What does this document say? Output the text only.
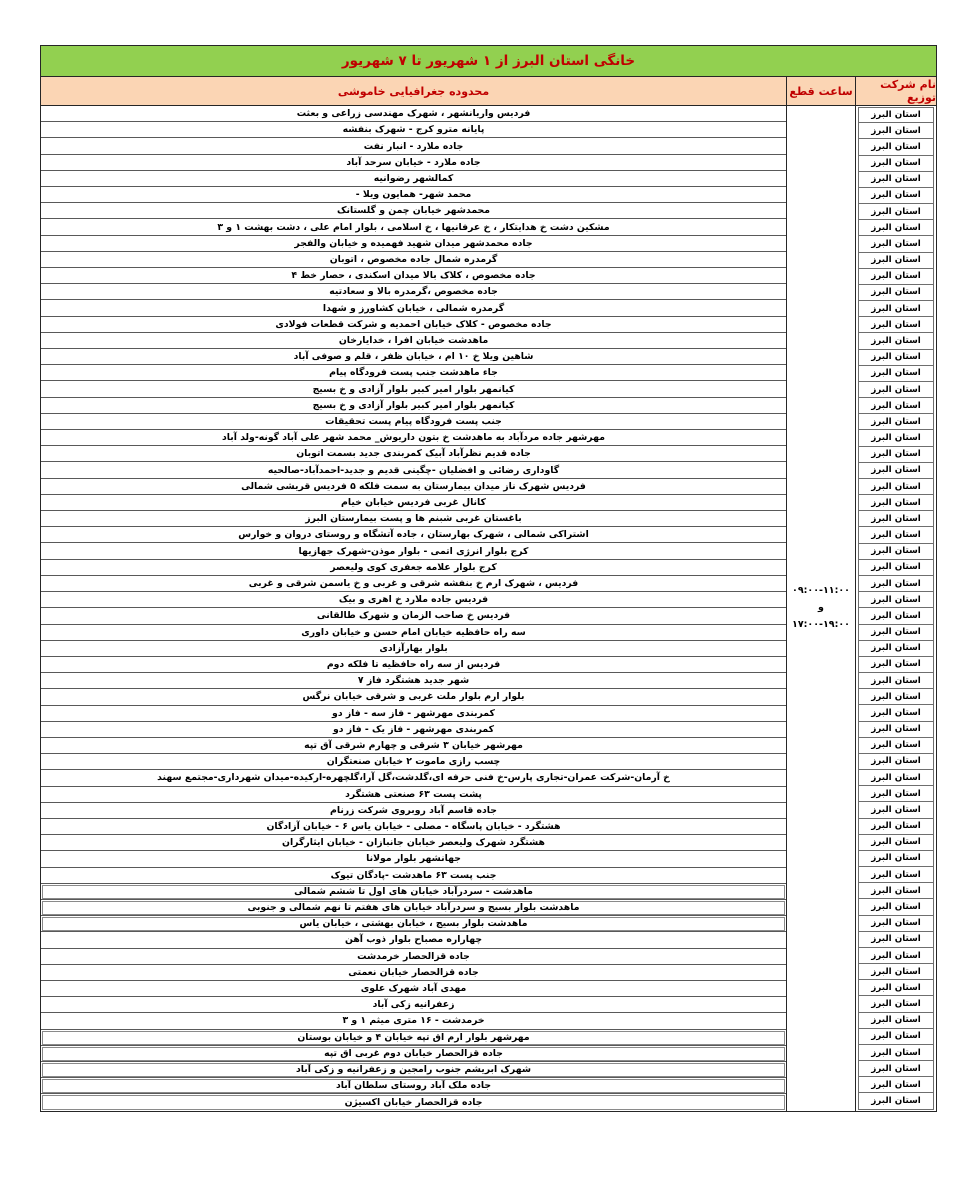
خانگی استان البرز از ۱ شهریور تا ۷ شهریور
نام شرکت توزیع
ساعت قطع
محدوده جغرافیایی خاموشی
استان البرز
استان البرز
استان البرز
استان البرز
استان البرز
استان البرز
استان البرز
استان البرز
استان البرز
استان البرز
استان البرز
استان البرز
استان البرز
استان البرز
استان البرز
استان البرز
استان البرز
استان البرز
استان البرز
استان البرز
استان البرز
استان البرز
استان البرز
استان البرز
استان البرز
استان البرز
استان البرز
استان البرز
استان البرز
استان البرز
استان البرز
استان البرز
استان البرز
استان البرز
استان البرز
استان البرز
استان البرز
استان البرز
استان البرز
استان البرز
استان البرز
استان البرز
استان البرز
استان البرز
استان البرز
استان البرز
استان البرز
استان البرز
استان البرز
استان البرز
استان البرز
استان البرز
استان البرز
استان البرز
استان البرز
استان البرز
استان البرز
استان البرز
استان البرز
استان البرز
استان البرز
استان البرز
۰۹:۰۰-۱۱:۰۰
و
۱۷:۰۰-۱۹:۰۰
فردیس واریانشهر ، شهرک مهندسی زراعی و بعثت
پایانه مترو کرج - شهرک بنفشه
جاده ملارد - انبار نفت
جاده ملارد - خیابان سرحد آباد
کمالشهر رضوانیه
محمد شهر- همایون ویلا -
محمدشهر خیابان چمن و گلستانک
مشکین دشت خ هدایتکار ، خ عرفانیها ، خ اسلامی ، بلوار امام علی ، دشت بهشت ۱ و ۳
جاده محمدشهر میدان شهید فهمیده و خیابان والفجر
گرمدره شمال جاده مخصوص ، اتوبان
جاده مخصوص ، کلاک بالا میدان اسکندی ، حصار خط ۴
جاده مخصوص ،گرمدره بالا و سعادتیه
گرمدره شمالی ، خیابان کشاورز و شهدا
جاده مخصوص - کلاک خیابان احمدیه و شرکت قطعات فولادی
ماهدشت خیابان افرا ، خدایارخان
شاهین ویلا خ ۱۰ ام ، خیابان ظفر ، قلم و صوفی آباد
جاء ماهدشت جنب پست فرودگاه پیام
کیانمهر بلوار امیر کبیر بلوار آزادی و خ بسیج
کیانمهر بلوار امیر کبیر بلوار آزادی و خ بسیج
جنب پست فرودگاه پیام پست تحقیقات
مهرشهر جاده مردآباد به ماهدشت خ بتون داریوش_ محمد شهر علی آباد گونه-ولد آباد
جاده قدیم نظرآباد آبیک کمربندی جدید بسمت اتوبان
گاوداری رضائی و افضلیان -چگینی قدیم و جدید-احمدآباد-صالحیه
فردیس شهرک ناز میدان بیمارستان به سمت فلکه ۵ فردیس قریشی شمالی
کانال غربی فردیس خیابان خیام
باغستان غربی شبنم ها و پست بیمارستان البرز
اشتراکی شمالی ، شهرک بهارستان ، جاده آتشگاه و روستای دروان و خوارس
کرج بلوار انرژی اتمی - بلوار موذن-شهرک جهازیها
کرج بلوار علامه جعفری کوی ولیعصر
فردیس ، شهرک ارم خ بنفشه شرقی و غربی و خ یاسمن شرقی و غربی
فردیس جاده ملارد خ اهری و بیک
فردیس خ صاحب الزمان و شهرک طالقانی
سه راه حافظیه خیابان امام حسن و خیابان داوری
بلوار بهارآزادی
فردیس از سه راه حافظیه تا فلکه دوم
شهر جدید هشتگرد فاز ۷
بلوار ارم بلوار ملت غربی و شرقی خیابان نرگس
کمربندی مهرشهر - فاز سه - فاز دو
کمربندی مهرشهر - فاز یک - فاز دو
مهرشهر خیابان ۳ شرقی و چهارم شرقی آق تپه
چسب رازی ماموت ۲ خیابان صنعتگران
خ آرمان-شرکت عمران-تجاری پارس-خ فنی حرفه ای،گلدشت،گل آرا،گلچهره-ارکیده-میدان شهرداری-مجتمع سهند
پشت پست ۶۳ صنعتی هشتگرد
جاده قاسم آباد روبروی شرکت زرنام
هشتگرد - خیابان پاسگاه - مصلی - خیابان یاس ۶ - خیابان آزادگان
هشتگرد شهرک ولیعصر خیابان جانبازان - خیابان ایثارگران
جهانشهر بلوار مولانا
جنب پست ۶۳ ماهدشت -پادگان تیوک
ماهدشت - سردرآباد خیابان های اول تا ششم شمالی
ماهدشت بلوار بسیج و سردرآباد خیابان های هفتم تا نهم شمالی و جنوبی
ماهدشت بلوار بسیج ، خیابان بهشتی ، خیابان یاس
چهاراره مصباح بلوار ذوب آهن
جاده قزالحصار خرمدشت
جاده قزالحصار خیابان نعمتی
مهدی آباد شهرک علوی
زعفرانیه زکی آباد
خرمدشت - ۱۶ متری میثم ۱ و ۳
مهرشهر بلوار ارم اق تپه خیابان ۴ و خیابان بوستان
جاده قزالحصار خیابان دوم غربی اق تپه
شهرک ابریشم جنوب رامجین و زعفرانیه و زکی آباد
جاده ملک آباد روستای سلطان آباد
جاده قزالحصار خیابان اکسیژن
